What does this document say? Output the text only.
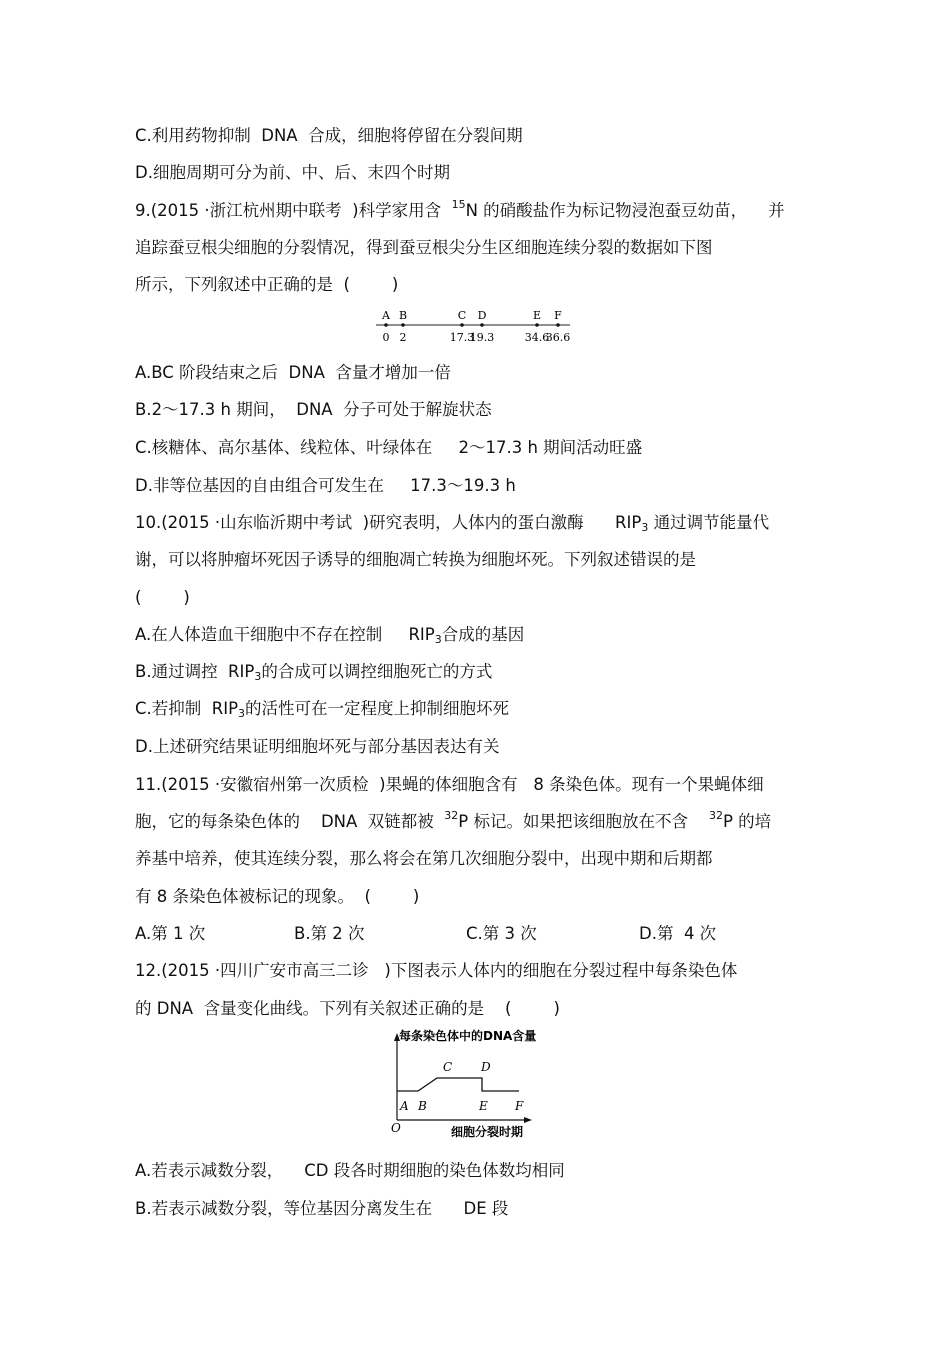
C.利用药物抑制  DNA  合成，细胞将停留在分裂间期
D.细胞周期可分为前、中、后、末四个时期
9.(2015 ·浙江杭州期中联考  )科学家用含  $^{15}$N 的硝酸盐作为标记物浸泡蚕豆幼苗，    并
追踪蚕豆根尖细胞的分裂情况，得到蚕豆根尖分生区细胞连续分裂的数据如下图
所示，下列叙述中正确的是  (        )
A
0
B
2
C
17.3
D
19.3
E
34.6
F
36.6
A.BC 阶段结束之后  DNA  含量才增加一倍
B.2～17.3 h 期间，  DNA  分子可处于解旋状态
C.核糖体、高尔基体、线粒体、叶绿体在     2～17.3 h 期间活动旺盛
D.非等位基因的自由组合可发生在     17.3～19.3 h
10.(2015 ·山东临沂期中考试  )研究表明，人体内的蛋白激酶      RIP3 通过调节能量代
谢，可以将肿瘤坏死因子诱导的细胞凋亡转换为细胞坏死。下列叙述错误的是
(        )
A.在人体造血干细胞中不存在控制     RIP3合成的基因
B.通过调控  RIP3的合成可以调控细胞死亡的方式
C.若抑制  RIP3的活性可在一定程度上抑制细胞坏死
D.上述研究结果证明细胞坏死与部分基因表达有关
11.(2015 ·安徽宿州第一次质检  )果蝇的体细胞含有   8 条染色体。现有一个果蝇体细
胞，它的每条染色体的    DNA  双链都被  $^{32}$P 标记。如果把该细胞放在不含    $^{32}$P 的培
养基中培养，使其连续分裂，那么将会在第几次细胞分裂中，出现中期和后期都
有 8 条染色体被标记的现象。  (        )
A.第 1 次	B.第 2 次	C.第 3 次	D.第  4 次
12.(2015 ·四川广安市高三二诊   )下图表示人体内的细胞在分裂过程中每条染色体
的 DNA  含量变化曲线。下列有关叙述正确的是    (        )
每条染色体中的DNA含量
C D
A B	E F
O	细胞分裂时期
A.若表示减数分裂，    CD 段各时期细胞的染色体数均相同
B.若表示减数分裂，等位基因分离发生在      DE 段
